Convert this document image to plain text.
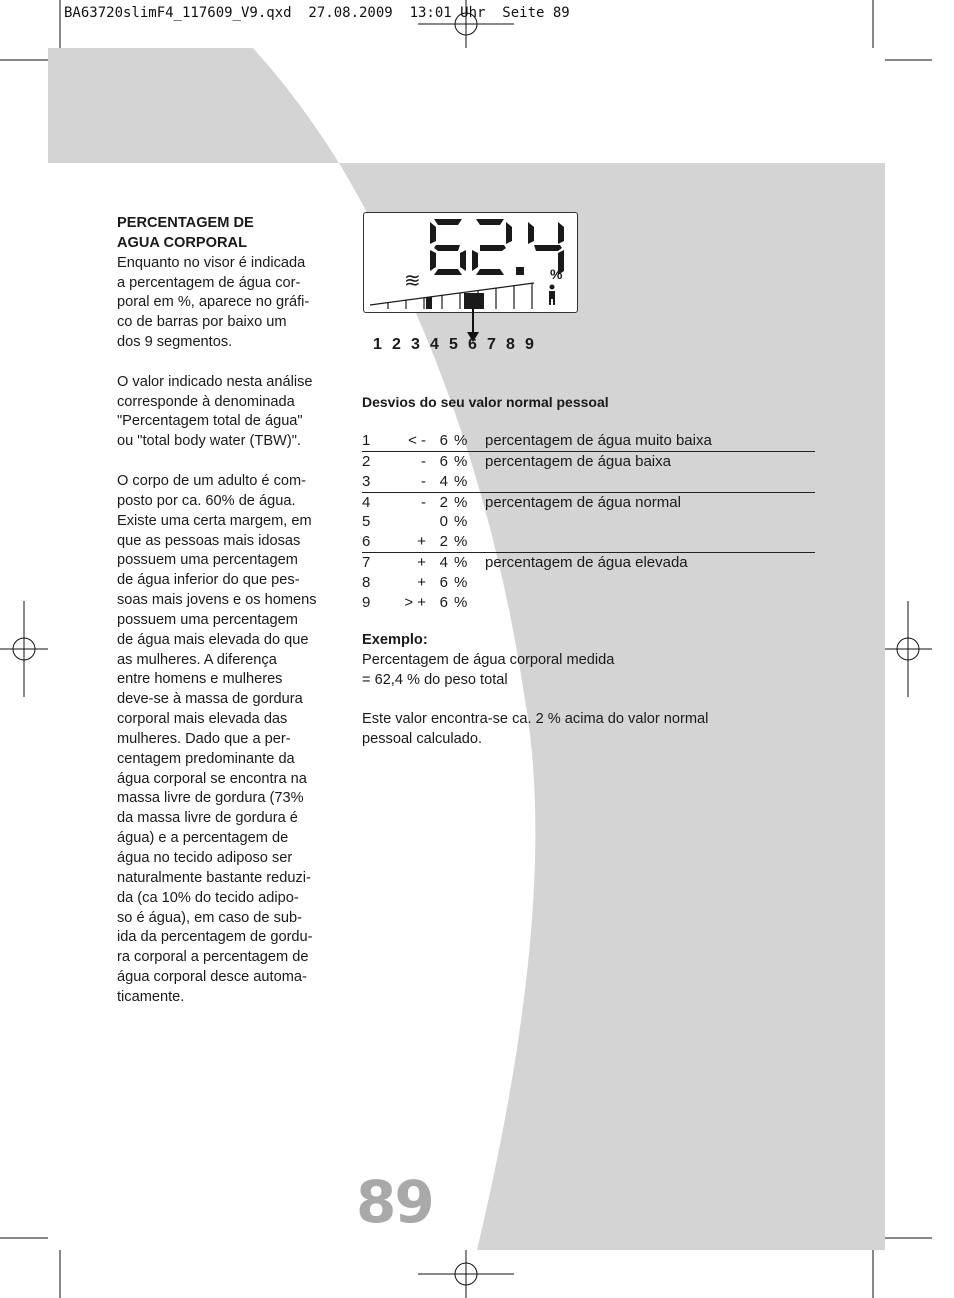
BA63720slimF4_117609_V9.qxd  27.08.2009  13:01 Uhr  Seite 89
PERCENTAGEM DE
AGUA CORPORAL

Enquanto no visor é indicada
a percentagem de água cor-
poral em %, aparece no gráfi-
co de barras por baixo um
dos 9 segmentos.

O valor indicado nesta análise
corresponde à denominada
"Percentagem total de água"
ou "total body water (TBW)".

O corpo de um adulto é com-
posto por ca. 60% de água.
Existe uma certa margem, em
que as pessoas mais idosas
possuem uma percentagem
de água inferior do que pes-
soas mais jovens e os homens
possuem uma percentagem
de água mais elevada do que
as mulheres. A diferença
entre homens e mulheres
deve-se à massa de gordura
corporal mais elevada das
mulheres. Dado que a per-
centagem predominante da
água corporal se encontra na
massa livre de gordura (73%
da massa livre de gordura é
água) e a percentagem de
água no tecido adiposo ser
naturalmente bastante reduzi-
da (ca 10% do tecido adipo-
so é água), em caso de sub-
ida da percentagem de gordu-
ra corporal a percentagem de
água corporal desce automa-
ticamente.

≋	%
1 2 3 4 5 6 7 8 9
Desvios do seu valor normal pessoal
1	< - 6 % percentagem de água muito baixa
2	- 6 % percentagem de água baixa
3	- 4 %
4	- 2 % percentagem de água normal
5	0 %
6	+ 2 %
7	+ 4 % percentagem de água elevada
8	+ 6 %
9	> + 6 %

Exemplo:

Percentagem de água corporal medida

= 62,4 % do peso total

Este valor encontra-se ca. 2 % acima do valor normal

pessoal calculado.

89
